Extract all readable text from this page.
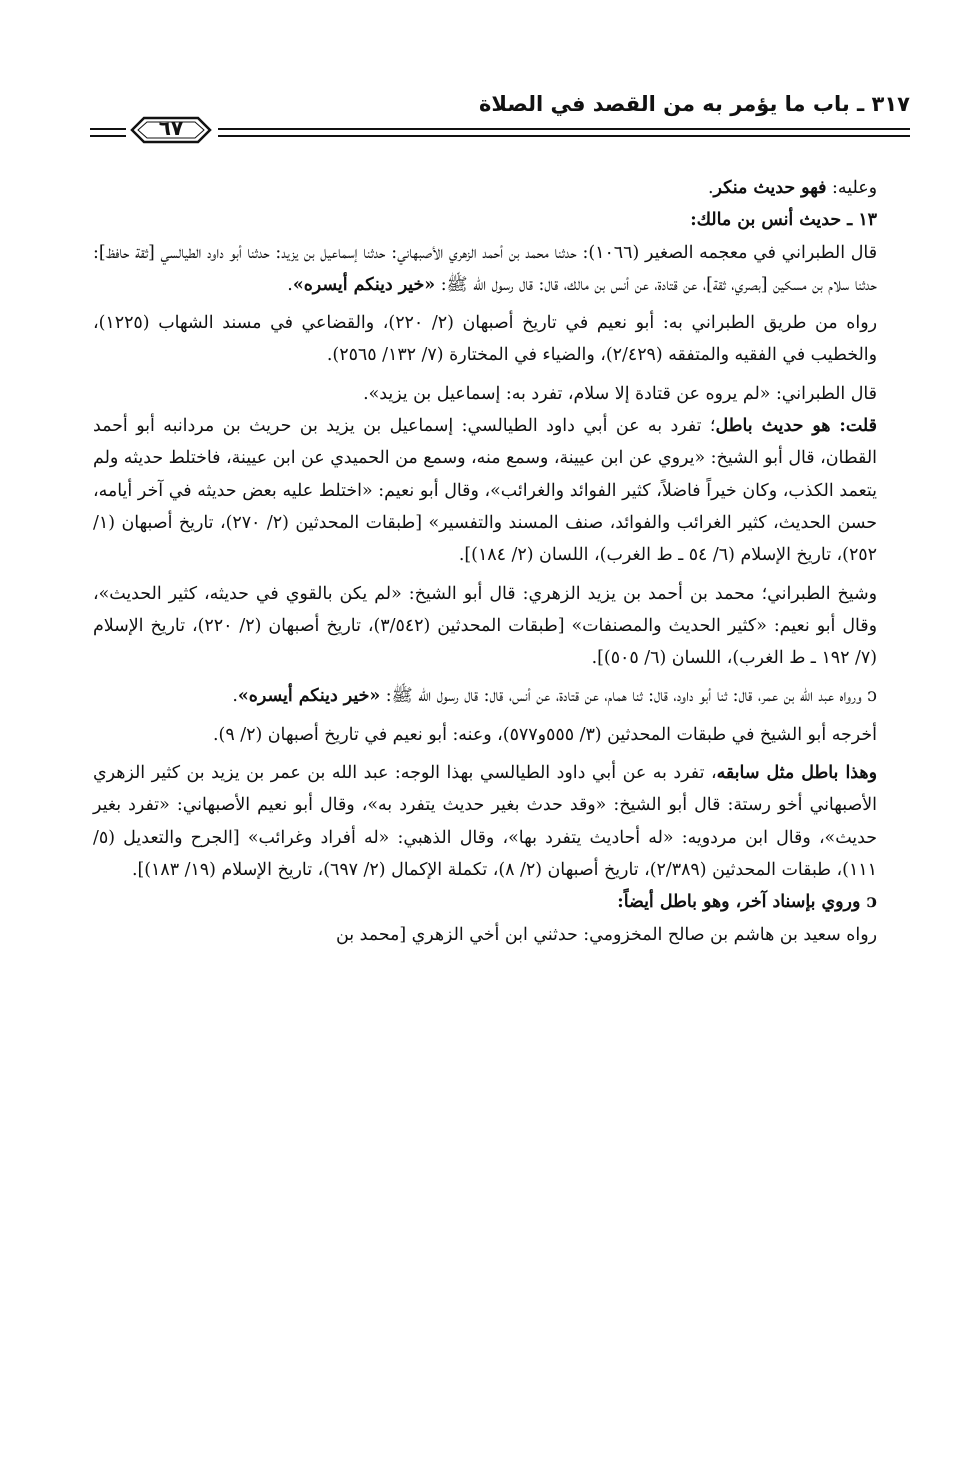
٣١٧ ـ باب ما يؤمر به من القصد في الصلاة
٦٧

وعليه: فهو حديث منكر.

١٣ ـ حديث أنس بن مالك:

قال الطبراني في معجمه الصغير (١٠٦٦): حدثنا محمد بن أحمد الزهري الأصبهاني: حدثنا إسماعيل بن يزيد: حدثنا أبو داود الطيالسي [ثقة حافظ]: حدثنا سلام بن مسكين [بصري، ثقة]، عن قتادة، عن أنس بن مالك، قال: قال رسول الله ﷺ: «خير دينكم أيسره».

رواه من طريق الطبراني به: أبو نعيم في تاريخ أصبهان (٢/ ٢٢٠)، والقضاعي في مسند الشهاب (١٢٢٥)، والخطيب في الفقيه والمتفقه (٢/٤٢٩)، والضياء في المختارة (٧/ ١٣٢/ ٢٥٦٥).

قال الطبراني: «لم يروه عن قتادة إلا سلام، تفرد به: إسماعيل بن يزيد».

قلت: هو حديث باطل؛ تفرد به عن أبي داود الطيالسي: إسماعيل بن يزيد بن حريث بن مردانبه أبو أحمد القطان، قال أبو الشيخ: «يروي عن ابن عيينة، وسمع منه، وسمع من الحميدي عن ابن عيينة، فاختلط حديثه ولم يتعمد الكذب، وكان خيراً فاضلاً، كثير الفوائد والغرائب»، وقال أبو نعيم: «اختلط عليه بعض حديثه في آخر أيامه، حسن الحديث، كثير الغرائب والفوائد، صنف المسند والتفسير» [طبقات المحدثين (٢/ ٢٧٠)، تاريخ أصبهان (١/ ٢٥٢)، تاريخ الإسلام (٦/ ٥٤ ـ ط الغرب)، اللسان (٢/ ١٨٤)].

وشيخ الطبراني؛ محمد بن أحمد بن يزيد الزهري: قال أبو الشيخ: «لم يكن بالقوي في حديثه، كثير الحديث»، وقال أبو نعيم: «كثير الحديث والمصنفات» [طبقات المحدثين (٣/٥٤٢)، تاريخ أصبهان (٢/ ٢٢٠)، تاريخ الإسلام (٧/ ١٩٢ ـ ط الغرب)، اللسان (٦/ ٥٠٥)].

ᴐ ورواه عبد الله بن عمر، قال: ثنا أبو داود، قال: ثنا همام، عن قتادة، عن أنس، قال: قال رسول الله ﷺ: «خير دينكم أيسره».

أخرجه أبو الشيخ في طبقات المحدثين (٣/ ٥٥٥و٥٧٧)، وعنه: أبو نعيم في تاريخ أصبهان (٢/ ٩).

وهذا باطل مثل سابقه، تفرد به عن أبي داود الطيالسي بهذا الوجه: عبد الله بن عمر بن يزيد بن كثير الزهري الأصبهاني أخو رستة: قال أبو الشيخ: «وقد حدث بغير حديث يتفرد به»، وقال أبو نعيم الأصبهاني: «تفرد بغير حديث»، وقال ابن مردويه: «له أحاديث يتفرد بها»، وقال الذهبي: «له أفراد وغرائب» [الجرح والتعديل (٥/ ١١١)، طبقات المحدثين (٢/٣٨٩)، تاريخ أصبهان (٢/ ٨)، تكملة الإكمال (٢/ ٦٩٧)، تاريخ الإسلام (١٩/ ١٨٣)].

ᴐ وروي بإسناد آخر، وهو باطل أيضاً:

رواه سعيد بن هاشم بن صالح المخزومي: حدثني ابن أخي الزهري [محمد بن
